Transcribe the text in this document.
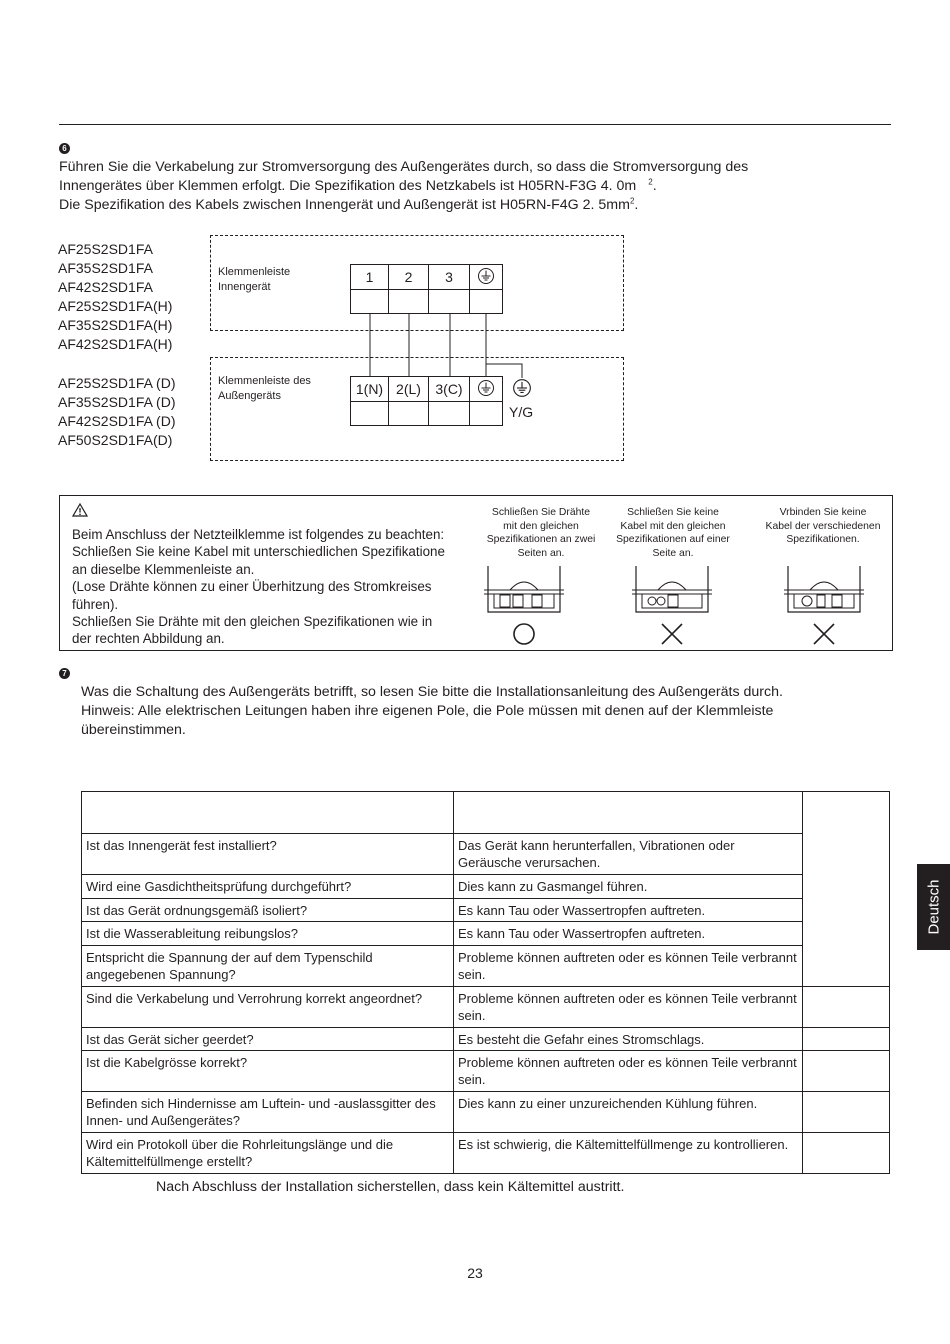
6
Führen Sie die Verkabelung zur Stromversorgung des Außengerätes durch, so dass die Stromversorgung des
Innengerätes über Klemmen erfolgt. Die Spezifikation des Netzkabels ist H05RN-F3G 4. 0m $^2$.
Die Spezifikation des Kabels zwischen Innengerät und Außengerät ist H05RN-F4G 2. $5mm^2$.
AF25S2SD1FA
AF35S2SD1FA
AF42S2SD1FA
AF25S2SD1FA(H)
AF35S2SD1FA(H)
AF42S2SD1FA(H)
AF25S2SD1FA (D)
AF35S2SD1FA (D)
AF42S2SD1FA (D)
AF50S2SD1FA(D)
Klemmenleiste
Innengerät
Klemmenleiste des
Außengeräts
1	2	3	

1(N)	2(L)	3(C)	

Y/G
Beim Anschluss der Netzteilklemme ist folgendes zu beachten:
Schließen Sie keine Kabel mit unterschiedlichen Spezifikatione
an dieselbe Klemmenleiste an.
(Lose Drähte können zu einer Überhitzung des Stromkreises
führen).
Schließen Sie Drähte mit den gleichen Spezifikationen wie in
der rechten Abbildung an.
Schließen Sie Drähte
mit den gleichen
Spezifikationen an zwei
Seiten an.
Schließen Sie keine
Kabel mit den gleichen
Spezifikationen auf einer
Seite an.
Vrbinden Sie keine
Kabel der verschiedenen
Spezifikationen.
7
Was die Schaltung des Außengeräts betrifft, so lesen Sie bitte die Installationsanleitung des Außengeräts durch.
Hinweis: Alle elektrischen Leitungen haben ihre eigenen Pole, die Pole müssen mit denen auf der Klemmleiste
übereinstimmen.

Ist das Innengerät fest installiert?	Das Gerät kann herunterfallen, Vibrationen oder Geräusche verursachen.	
Wird eine Gasdichtheitsprüfung durchgeführt?	Dies kann zu Gasmangel führen.	
Ist das Gerät ordnungsgemäß isoliert?	Es kann Tau oder Wassertropfen auftreten.	
Ist die Wasserableitung reibungslos?	Es kann Tau oder Wassertropfen auftreten.	
Entspricht die Spannung der auf dem Typenschild angegebenen Spannung?	Probleme können auftreten oder es können Teile verbrannt sein.	
Sind die Verkabelung und Verrohrung korrekt angeordnet?	Probleme können auftreten oder es können Teile verbrannt sein.	
Ist das Gerät sicher geerdet?	Es besteht die Gefahr eines Stromschlags.	
Ist die Kabelgrösse korrekt?	Probleme können auftreten oder es können Teile verbrannt sein.	
Befinden sich Hindernisse am Luftein- und -auslassgitter des Innen- und Außengerätes?	Dies kann zu einer unzureichenden Kühlung führen.	
Wird ein Protokoll über die Rohrleitungslänge und die Kältemittelfüllmenge erstellt?	Es ist schwierig, die Kältemittelfüllmenge zu kontrollieren.	
Nach Abschluss der Installation sicherstellen, dass kein Kältemittel austritt.
Deutsch
23
